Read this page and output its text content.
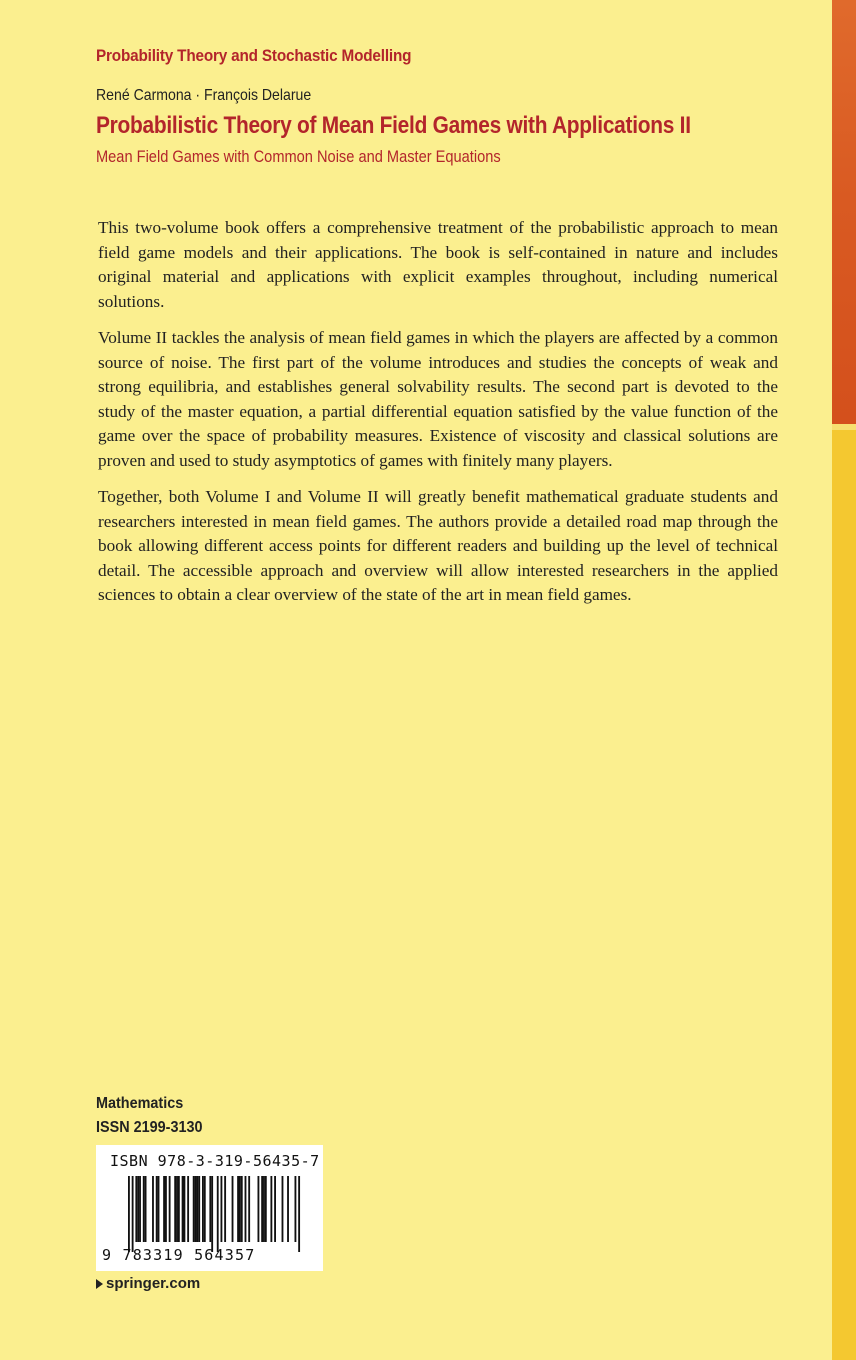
Probability Theory and Stochastic Modelling
René Carmona · François Delarue
Probabilistic Theory of Mean Field Games with Applications II
Mean Field Games with Common Noise and Master Equations

This two-volume book offers a comprehensive treatment of the probabilistic approach to mean field game models and their applications. The book is self-contained in nature and includes original material and applications with explicit examples throughout, including numerical solutions.

Volume II tackles the analysis of mean field games in which the players are affected by a common source of noise. The first part of the volume introduces and studies the concepts of weak and strong equilibria, and establishes general solvability results. The second part is devoted to the study of the master equation, a partial differential equation satisfied by the value function of the game over the space of probability measures. Existence of viscosity and classical solutions are proven and used to study asymptotics of games with finitely many players.

Together, both Volume I and Volume II will greatly benefit mathematical graduate students and researchers interested in mean field games. The authors provide a detailed road map through the book allowing different access points for different readers and building up the level of technical detail. The accessible approach and overview will allow interested researchers in the applied sciences to obtain a clear overview of the state of the art in mean field games.

Mathematics
ISSN 2199-3130
ISBN 978-3-319-56435-7
9 783319 564357
springer.com
